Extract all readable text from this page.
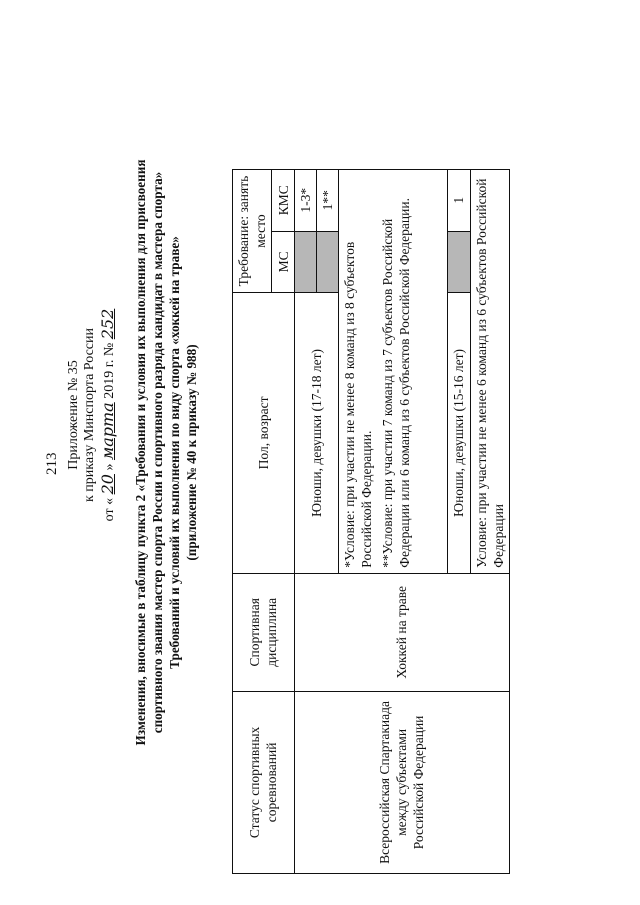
213 Приложение № 35 к приказу Минспорта России
от « 20 » марта 2019 г. № 252 Изменения, вносимые в таблицу пункта 2 «Требования и условия их выполнения для присвоения спортивного звания мастер спорта России и спортивного разряда кандидат в мастера спорта» Требований и условий их выполнения по виду спорта «хоккей на траве» (приложение № 40 к приказу № 988)
Статус спортивных соревнований	Спортивная дисциплина	Пол, возраст	Требование: занять место	
			МС	КМС
Всероссийская Спартакиада между субъектами Российской Федерации	Хоккей на траве	Юноши, девушки (17-18 лет)		1-3*
				1**

		*Условие: при участии не менее 8 команд из 8 субъектов Российской Федерации. **Условие: при участии 7 команд из 7 субъектов Российской Федерации или 6 команд из 6 субъектов Российской Федерации.		

		Юноши, девушки (15-16 лет)		1
		Условие: при участии не менее 6 команд из 6 субъектов Российской Федерации		
